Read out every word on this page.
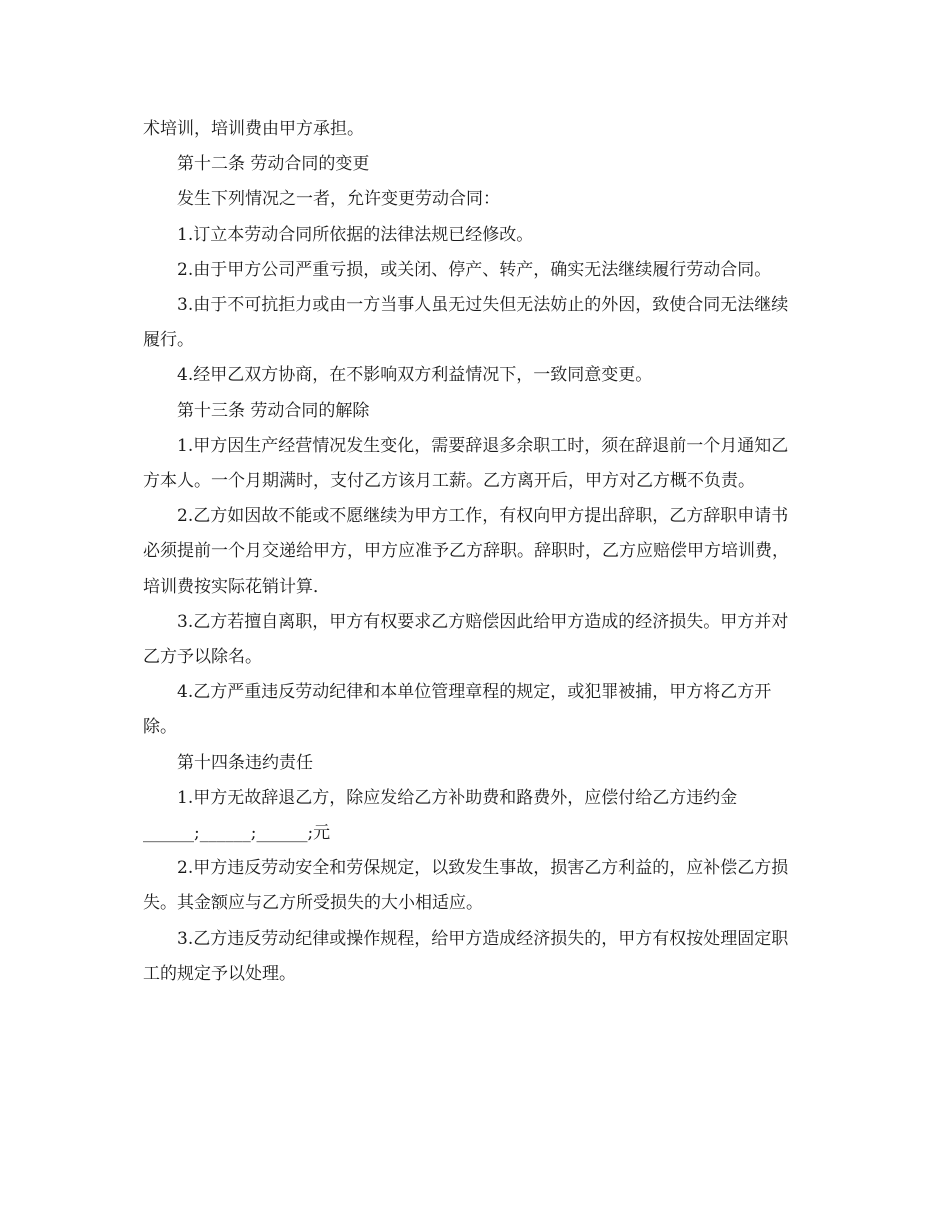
术培训，培训费由甲方承担。

第十二条 劳动合同的变更

发生下列情况之一者，允许变更劳动合同：

1.订立本劳动合同所依据的法律法规已经修改。

2.由于甲方公司严重亏损，或关闭、停产、转产，确实无法继续履行劳动合同。

3.由于不可抗拒力或由一方当事人虽无过失但无法妨止的外因，致使合同无法继续履行。

4.经甲乙双方协商，在不影响双方利益情况下，一致同意变更。

第十三条 劳动合同的解除

1.甲方因生产经营情况发生变化，需要辞退多余职工时，须在辞退前一个月通知乙方本人。一个月期满时，支付乙方该月工薪。乙方离开后，甲方对乙方概不负责。

2.乙方如因故不能或不愿继续为甲方工作，有权向甲方提出辞职，乙方辞职申请书必须提前一个月交递给甲方，甲方应准予乙方辞职。辞职时，乙方应赔偿甲方培训费，培训费按实际花销计算．

3.乙方若擅自离职，甲方有权要求乙方赔偿因此给甲方造成的经济损失。甲方并对乙方予以除名。

4.乙方严重违反劳动纪律和本单位管理章程的规定，或犯罪被捕，甲方将乙方开除。

第十四条违约责任

1.甲方无故辞退乙方，除应发给乙方补助费和路费外，应偿付给乙方违约金______;______;______;元

2.甲方违反劳动安全和劳保规定，以致发生事故，损害乙方利益的，应补偿乙方损失。其金额应与乙方所受损失的大小相适应。

3.乙方违反劳动纪律或操作规程，给甲方造成经济损失的，甲方有权按处理固定职工的规定予以处理。
